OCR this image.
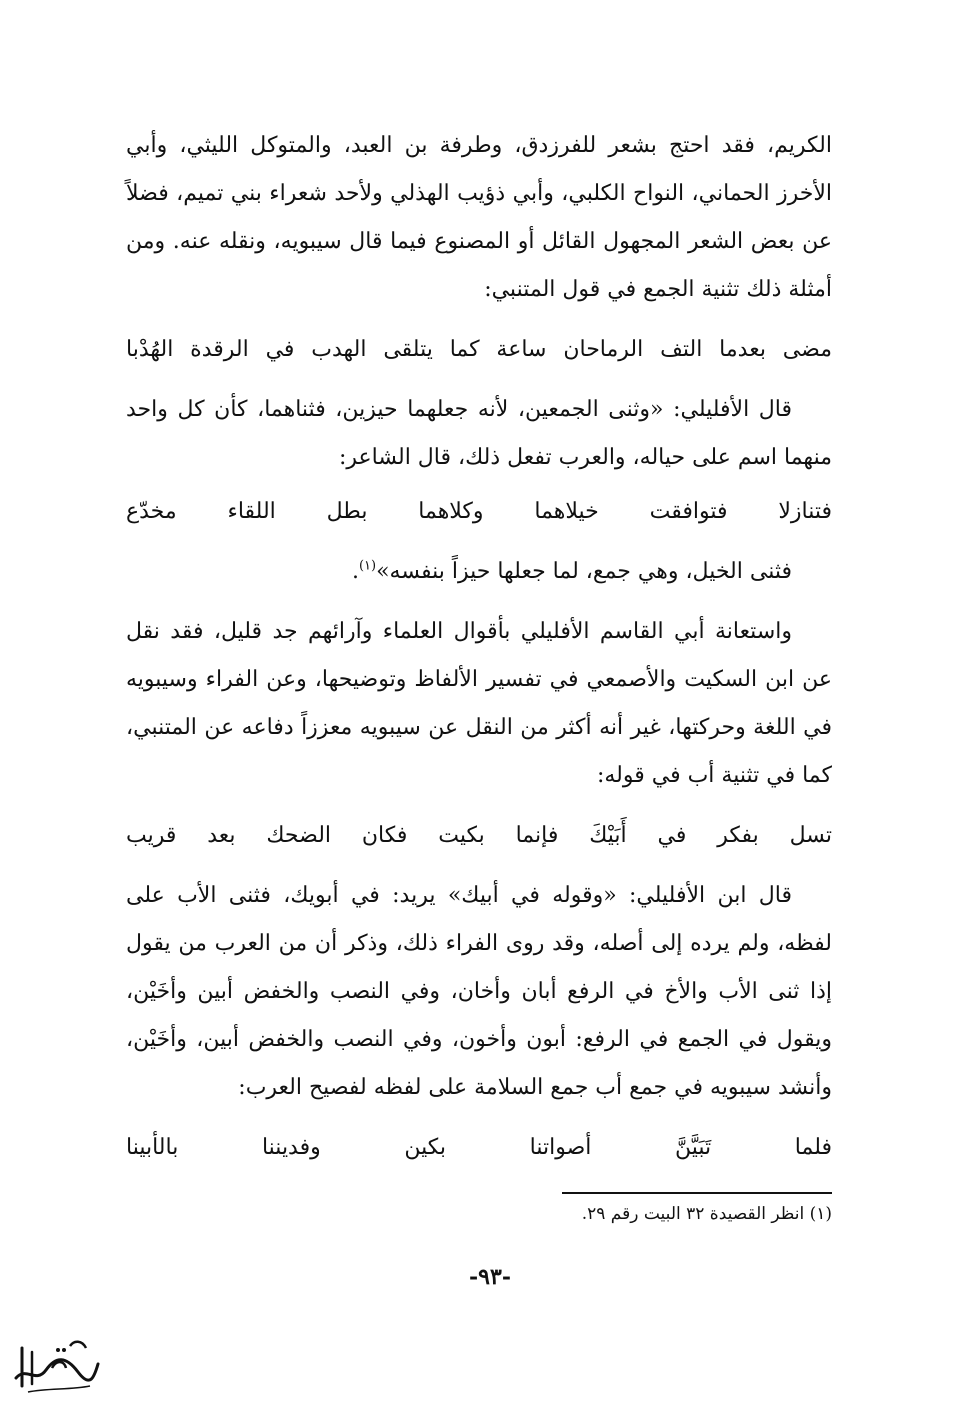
الكريم، فقد احتج بشعر للفرزدق، وطرفة بن العبد، والمتوكل الليثي، وأبي الأخرز الحماني، النواح الكلبي، وأبي ذؤيب الهذلي ولأحد شعراء بني تميم، فضلاً عن بعض الشعر المجهول القائل أو المصنوع فيما قال سيبويه، ونقله عنه. ومن أمثلة ذلك تثنية الجمع في قول المتنبي:

مضى بعدما التف الرماحان ساعة كما يتلقى الهدب في الرقدة الهُدْبا

قال الأفليلي: «وثنى الجمعين، لأنه جعلهما حيزين، فثناهما، كأن كل واحد منهما اسم على حياله، والعرب تفعل ذلك، قال الشاعر:

فتنازلا فتوافقت خيلاهما وكلاهما بطل اللقاء مخدّع

فثنى الخيل، وهي جمع، لما جعلها حيزاً بنفسه»$^{(١)}$.

واستعانة أبي القاسم الأفليلي بأقوال العلماء وآرائهم جد قليل، فقد نقل عن ابن السكيت والأصمعي في تفسير الألفاظ وتوضيحها، وعن الفراء وسيبويه في اللغة وحركتها، غير أنه أكثر من النقل عن سيبويه معززاً دفاعه عن المتنبي، كما في تثنية أب في قوله:

تسل بفكر في أَبَيْكَ فإنما بكيت فكان الضحك بعد قريب

قال ابن الأفليلي: «وقوله في أبيك» يريد: في أبويك، فثنى الأب على لفظه، ولم يرده إلى أصله، وقد روى الفراء ذلك، وذكر أن من العرب من يقول إذا ثنى الأب والأخ في الرفع أبان وأخان، وفي النصب والخفض أبين وأخَيْن، ويقول في الجمع في الرفع: أبون وأخون، وفي النصب والخفض أبين، وأخَيْن، وأنشد سيبويه في جمع أب جمع السلامة على لفظه لفصيح العرب:

فلما تَبَيَّنَّ أصواتنا بكين وفديننا بالأبينا

(١) انظر القصيدة ٣٢ البيت رقم ٢٩.
-٩٣-
